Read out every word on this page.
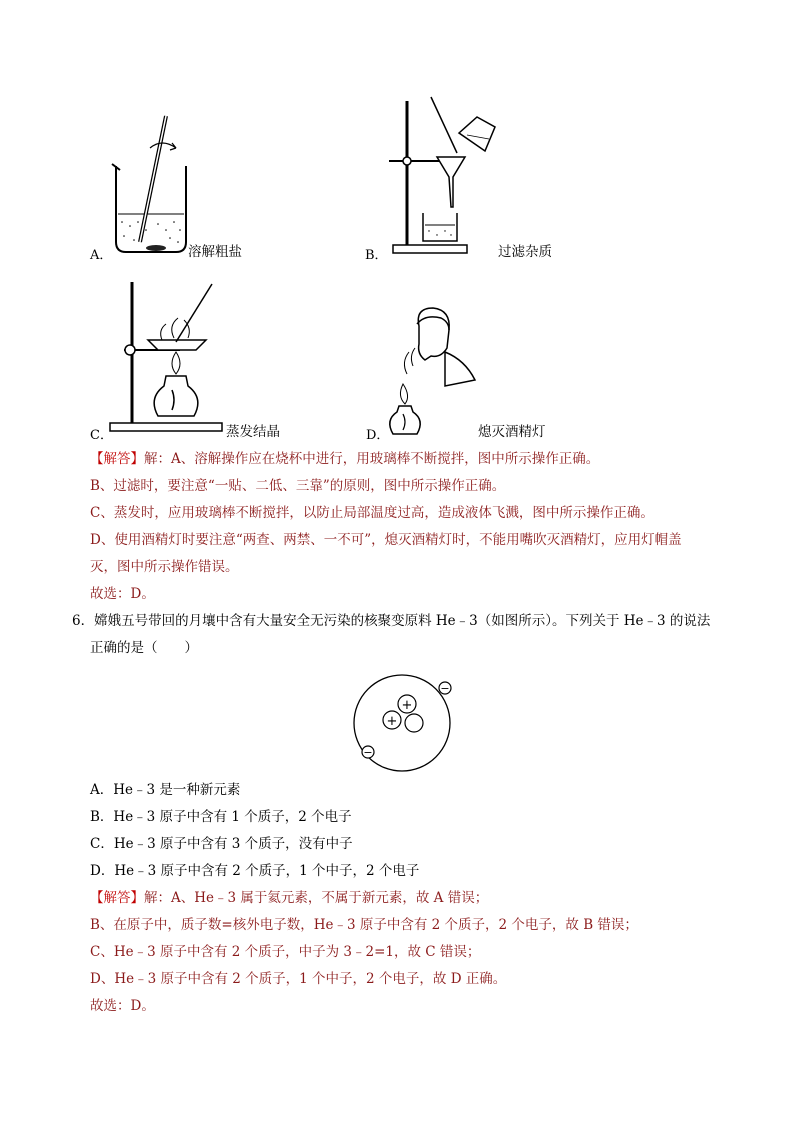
A．	溶解粗盐	B．	过滤杂质
C．	蒸发结晶	D．	熄灭酒精灯
【解答】解：A、溶解操作应在烧杯中进行，用玻璃棒不断搅拌，图中所示操作正确。
B、过滤时，要注意“一贴、二低、三靠”的原则，图中所示操作正确。
C、蒸发时，应用玻璃棒不断搅拌，以防止局部温度过高，造成液体飞溅，图中所示操作正确。
D、使用酒精灯时要注意“两查、两禁、一不可”，熄灭酒精灯时，不能用嘴吹灭酒精灯，应用灯帽盖
灭，图中所示操作错误。
故选：D。
6．嫦娥五号带回的月壤中含有大量安全无污染的核聚变原料 He﹣3（如图所示）。下列关于 He﹣3 的说法
正确的是（　　）
+
+
−
−
A．He﹣3 是一种新元素
B．He﹣3 原子中含有 1 个质子，2 个电子
C．He﹣3 原子中含有 3 个质子，没有中子
D．He﹣3 原子中含有 2 个质子，1 个中子，2 个电子
【解答】解：A、He﹣3 属于氦元素，不属于新元素，故 A 错误；
B、在原子中，质子数=核外电子数，He﹣3 原子中含有 2 个质子，2 个电子，故 B 错误；
C、He﹣3 原子中含有 2 个质子，中子为 3﹣2=1，故 C 错误；
D、He﹣3 原子中含有 2 个质子，1 个中子，2 个电子，故 D 正确。
故选：D。
